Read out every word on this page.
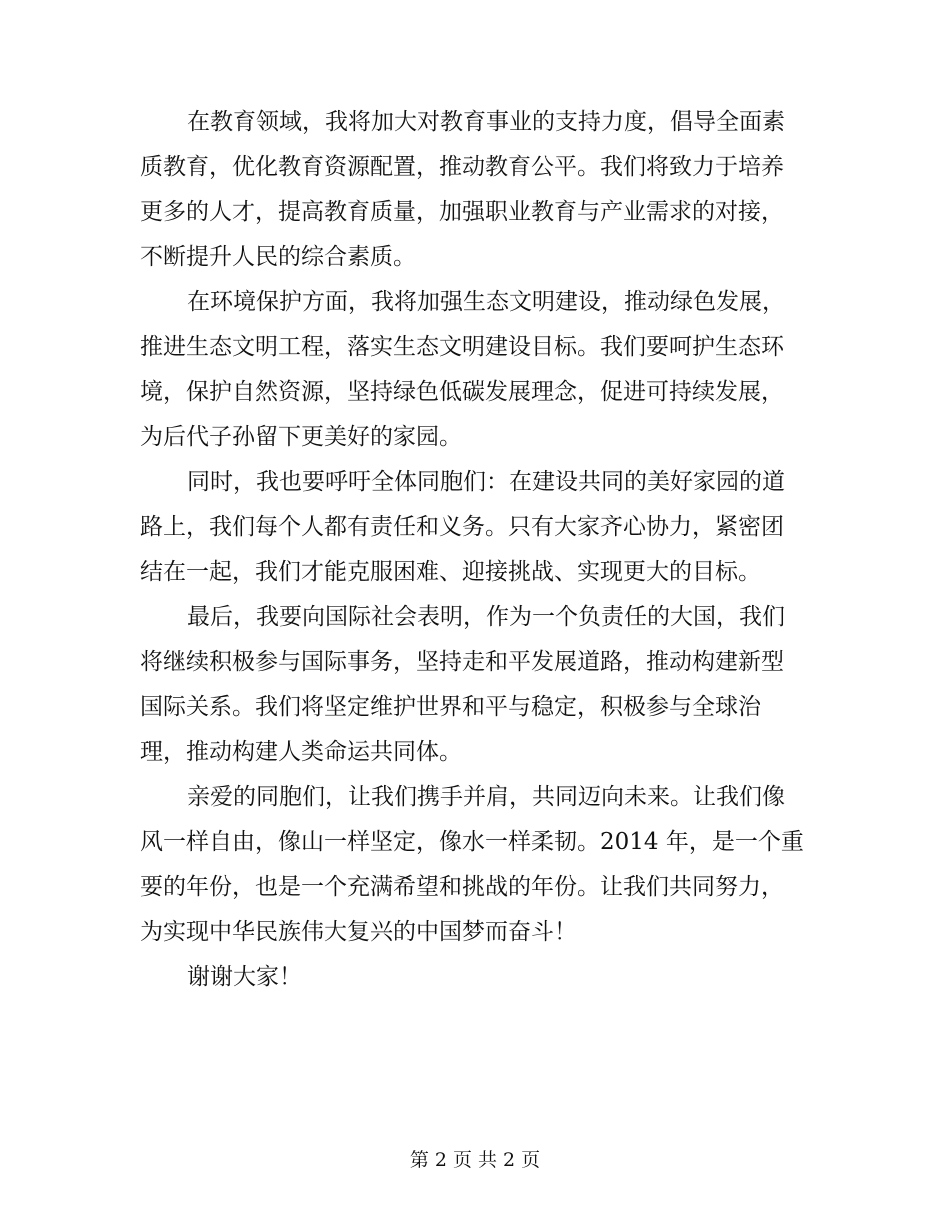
在教育领域，我将加大对教育事业的支持力度，倡导全面素
质教育，优化教育资源配置，推动教育公平。我们将致力于培养
更多的人才，提高教育质量，加强职业教育与产业需求的对接，
不断提升人民的综合素质。
在环境保护方面，我将加强生态文明建设，推动绿色发展，
推进生态文明工程，落实生态文明建设目标。我们要呵护生态环
境，保护自然资源，坚持绿色低碳发展理念，促进可持续发展，
为后代子孙留下更美好的家园。
同时，我也要呼吁全体同胞们：在建设共同的美好家园的道
路上，我们每个人都有责任和义务。只有大家齐心协力，紧密团
结在一起，我们才能克服困难、迎接挑战、实现更大的目标。
最后，我要向国际社会表明，作为一个负责任的大国，我们
将继续积极参与国际事务，坚持走和平发展道路，推动构建新型
国际关系。我们将坚定维护世界和平与稳定，积极参与全球治
理，推动构建人类命运共同体。
亲爱的同胞们，让我们携手并肩，共同迈向未来。让我们像
风一样自由，像山一样坚定，像水一样柔韧。2014 年，是一个重
要的年份，也是一个充满希望和挑战的年份。让我们共同努力，
为实现中华民族伟大复兴的中国梦而奋斗！
谢谢大家！
第 2 页 共 2 页
